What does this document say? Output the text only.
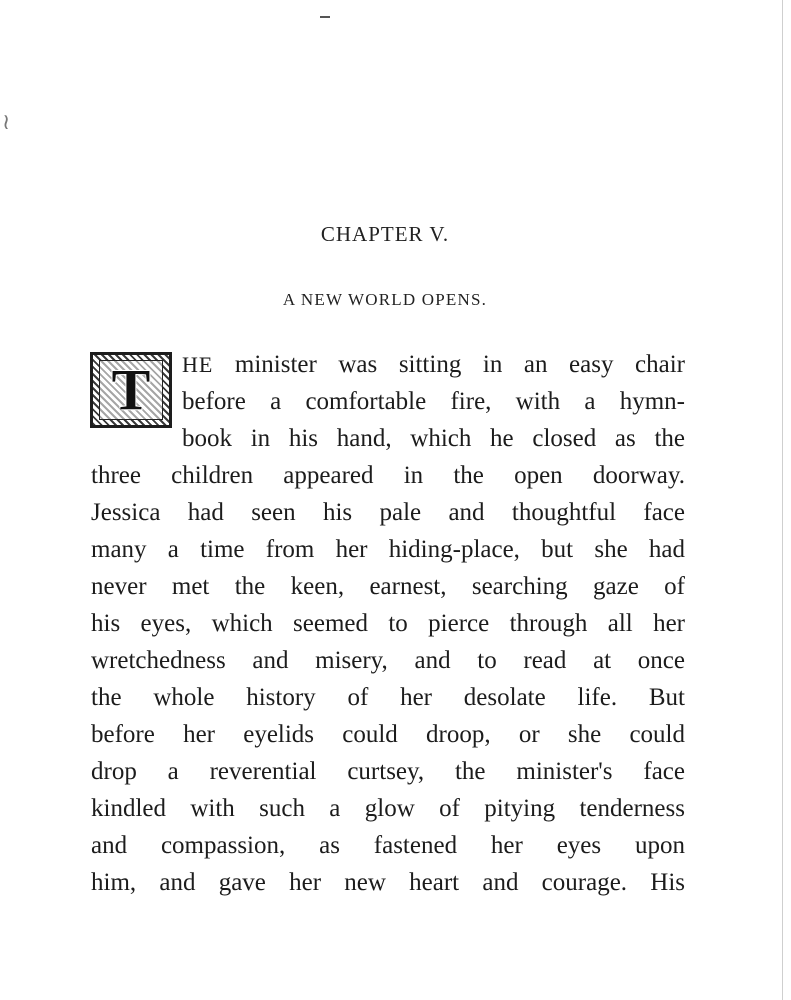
≀
CHAPTER V.
A NEW WORLD OPENS.
T HE minister was sitting in an easy chair
before a comfortable fire, with a hymn-
book in his hand, which he closed as the
three children appeared in the open doorway.
Jessica had seen his pale and thoughtful face
many a time from her hiding-place, but she had
never met the keen, earnest, searching gaze of
his eyes, which seemed to pierce through all her
wretchedness and misery, and to read at once
the whole history of her desolate life. But
before her eyelids could droop, or she could
drop a reverential curtsey, the minister's face
kindled with such a glow of pitying tenderness
and compassion, as fastened her eyes upon
him, and gave her new heart and courage. His
